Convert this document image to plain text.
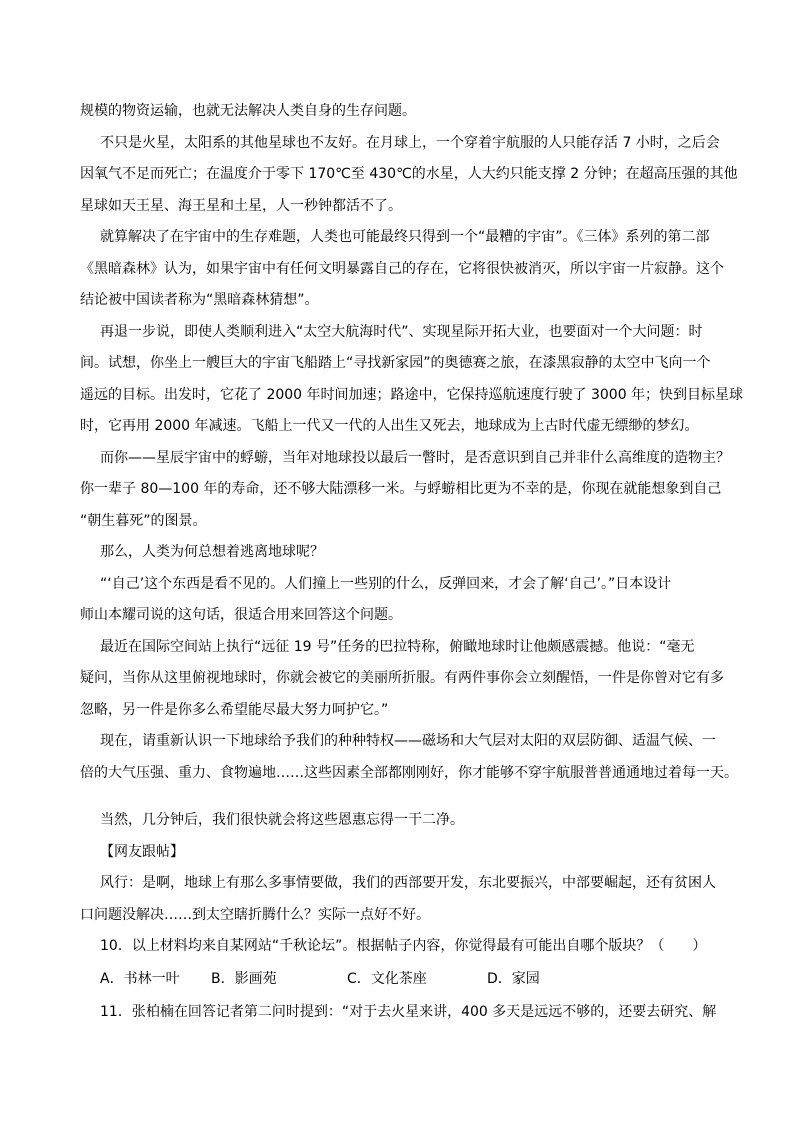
规模的物资运输，也就无法解决人类自身的生存问题。
不只是火星，太阳系的其他星球也不友好。在月球上，一个穿着宇航服的人只能存活 7 小时，之后会
因氧气不足而死亡；在温度介于零下 170℃至 430℃的水星，人大约只能支撑 2 分钟；在超高压强的其他
星球如天王星、海王星和土星，人一秒钟都活不了。
就算解决了在宇宙中的生存难题，人类也可能最终只得到一个“最糟的宇宙”。《三体》系列的第二部
《黑暗森林》认为，如果宇宙中有任何文明暴露自己的存在，它将很快被消灭，所以宇宙一片寂静。这个
结论被中国读者称为“黑暗森林猜想”。
再退一步说，即使人类顺利进入“太空大航海时代”、实现星际开拓大业，也要面对一个大问题：时
间。试想，你坐上一艘巨大的宇宙飞船踏上“寻找新家园”的奥德赛之旅，在漆黑寂静的太空中飞向一个
遥远的目标。出发时，它花了 2000 年时间加速；路途中，它保持巡航速度行驶了 3000 年；快到目标星球
时，它再用 2000 年减速。飞船上一代又一代的人出生又死去，地球成为上古时代虚无缥缈的梦幻。
而你——星辰宇宙中的蜉蝣，当年对地球投以最后一瞥时，是否意识到自己并非什么高维度的造物主？
你一辈子 80—100 年的寿命，还不够大陆漂移一米。与蜉蝣相比更为不幸的是，你现在就能想象到自己
“朝生暮死”的图景。
那么，人类为何总想着逃离地球呢？
“‘自己’这个东西是看不见的。人们撞上一些别的什么，反弹回来，才会了解‘自己’。”日本设计
师山本耀司说的这句话，很适合用来回答这个问题。
最近在国际空间站上执行“远征 19 号”任务的巴拉特称，俯瞰地球时让他颇感震撼。他说：“毫无
疑问，当你从这里俯视地球时，你就会被它的美丽所折服。有两件事你会立刻醒悟，一件是你曾对它有多
忽略，另一件是你多么希望能尽最大努力呵护它。”
现在，请重新认识一下地球给予我们的种种特权——磁场和大气层对太阳的双层防御、适温气候、一
倍的大气压强、重力、食物遍地……这些因素全部都刚刚好，你才能够不穿宇航服普普通通地过着每一天。
当然，几分钟后，我们很快就会将这些恩惠忘得一干二净。
【网友跟帖】
风行：是啊，地球上有那么多事情要做，我们的西部要开发，东北要振兴，中部要崛起，还有贫困人
口问题没解决……到太空瞎折腾什么？实际一点好不好。
10．以上材料均来自某网站“千秋论坛”。根据帖子内容，你觉得最有可能出自哪个版块？（　　）
A．书林一叶 B．影画苑	C．文化茶座	D．家园
11．张柏楠在回答记者第二问时提到：“对于去火星来讲，400 多天是远远不够的，还要去研究、解
